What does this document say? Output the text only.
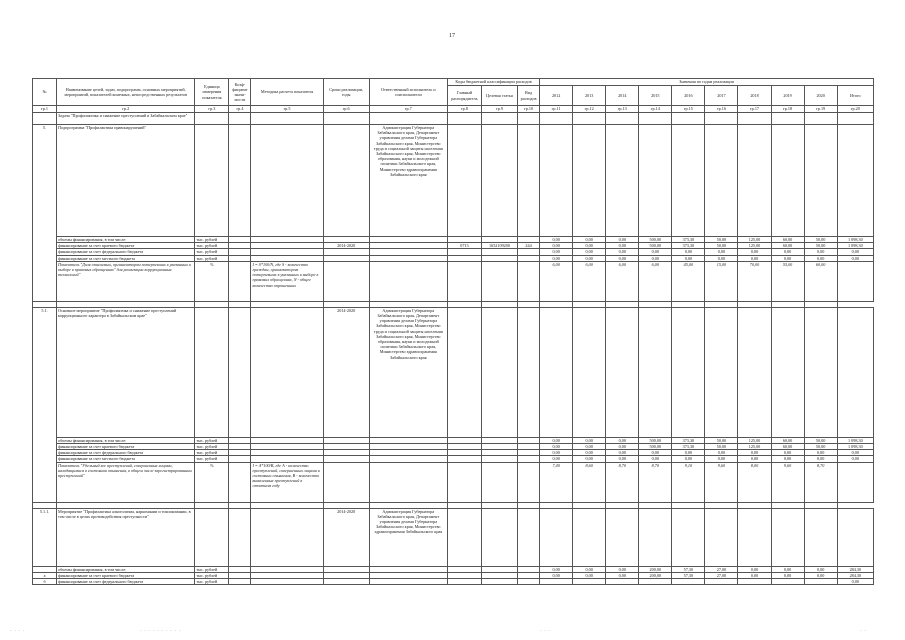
17
№	Наименование целей, задач, подпрограмм, основных мероприятий, мероприятий, показателей конечных, непосредственных результатов	Единица измерения показателя	Коэф-фициент значи-мости	Методика расчета показателя	Сроки реализации, годы	Ответственный исполнитель и соисполнители	Коды бюджетной классификации расходов			Значения по годам реализации									
							Главный распорядитель	Целевая статья	Вид расходов	2012	2013	2014	2015	2016	2017	2018	2019	2020	Итого
гр.1	гр.2	гр.3	гр.4	гр.5	гр.6	гр.7	гр.8	гр.9	гр.10	гр.11	гр.12	гр.13	гр.14	гр.15	гр.16	гр.17	гр.18	гр.19	гр.20
	Задача "Профилактика и снижение преступлений в Забайкальском крае"																		
5.	Подпрограмма "Профилактика правонарушений"					Администрация Губернатора Забайкальского края, Департамент управления делами Губернатора Забайкальского края, Министерство труда и социальной защиты населения Забайкальского края, Министерство образования, науки и молодежной политики Забайкальского края, Министерство здравоохранения Забайкальского края													
	объемы финансирования, в том числе:	тыс. рублей								0,00	0,00	0,00	500,00	373,30	50,00	125,00	60,00	50,00	1 098,30
	финансирование за счет краевого бюджета	тыс. рублей			2014-2020		0713	1652109200	244	0,00	0,00	0,00	500,00	373,30	50,00	125,00	60,00	50,00	1 098,30
	финансирование за счет федерального бюджета	тыс. рублей								0,00	0,00	0,00	0,00	0,00	0,00	0,00	0,00	0,00	0,00
	финансирование за счет местного бюджета	тыс. рублей								0,00	0,00	0,00	0,00	0,00	0,00	0,00	0,00	0,00	0,00
	Показатель "Доля опасаемых, организатором потерпевших в указанных в выборе в правовых обращениях" для реализации коррупционных технологий"	%		I = S*100/N, где S - количество граждан, организатором потерпевших в указанных в выборе в правовых обращениях, N - общее количество опрошенных						6,00	6,00	6,00	6,00	45,00	15,00	70,00	55,00	60,00	

5.1.	Основное мероприятие "Профилактика и снижение преступлений коррупционного характера в Забайкальском крае"				2014-2020	Администрация Губернатора Забайкальского края, Департамент управления делами Губернатора Забайкальского края, Министерство труда и социальной защиты населения Забайкальского края, Министерство образования, науки и молодежной политики Забайкальского края, Министерство здравоохранения Забайкальского края													
	объемы финансирования, в том числе:	тыс. рублей								0,00	0,00	0,00	500,00	373,30	50,00	125,00	60,00	50,00	1 098,30
	финансирование за счет краевого бюджета	тыс. рублей								0,00	0,00	0,00	500,00	373,30	50,00	125,00	60,00	50,00	1 098,30
	финансирование за счет федерального бюджета	тыс. рублей								0,00	0,00	0,00	0,00	0,00	0,00	0,00	0,00	0,00	0,00
	финансирование за счет местного бюджета	тыс. рублей								0,00	0,00	0,00	0,00	0,00	0,00	0,00	0,00	0,00	0,00
	Показатель "Удельный вес преступлений, совершенных лицами, находящимися в состоянии опьянения, в общем числе зарегистрированных преступлений"	%		I = A*100/B, где А - количество преступлений, совершенных лицами в состоянии опьянения, В - количество выявленных преступлений в отчетном году						7,40	8,60	8,70	8,70	9,10	9,60	8,00	9,60	8,70	

5.1.1.	Мероприятие "Профилактика алкоголизма, наркомании и токсикомании, в том числе в целях противодействия преступности"				2014-2020	Администрация Губернатора Забайкальского края, Департамент управления делами Губернатора Забайкальского края, Министерство здравоохранения Забайкальского края													
	объемы финансирования, в том числе:	тыс. рублей								0,00	0,00	0,00	200,00	57,30	27,00	0,00	0,00	0,00	284,30
а	финансирование за счет краевого бюджета	тыс. рублей								0,00	0,00	0,00	200,00	57,30	27,00	0,00	0,00	0,00	284,30
б	финансирование за счет федерального бюджета	тыс. рублей																	0,00
- - - -	- - - - - - - - - -	- - -	- -
